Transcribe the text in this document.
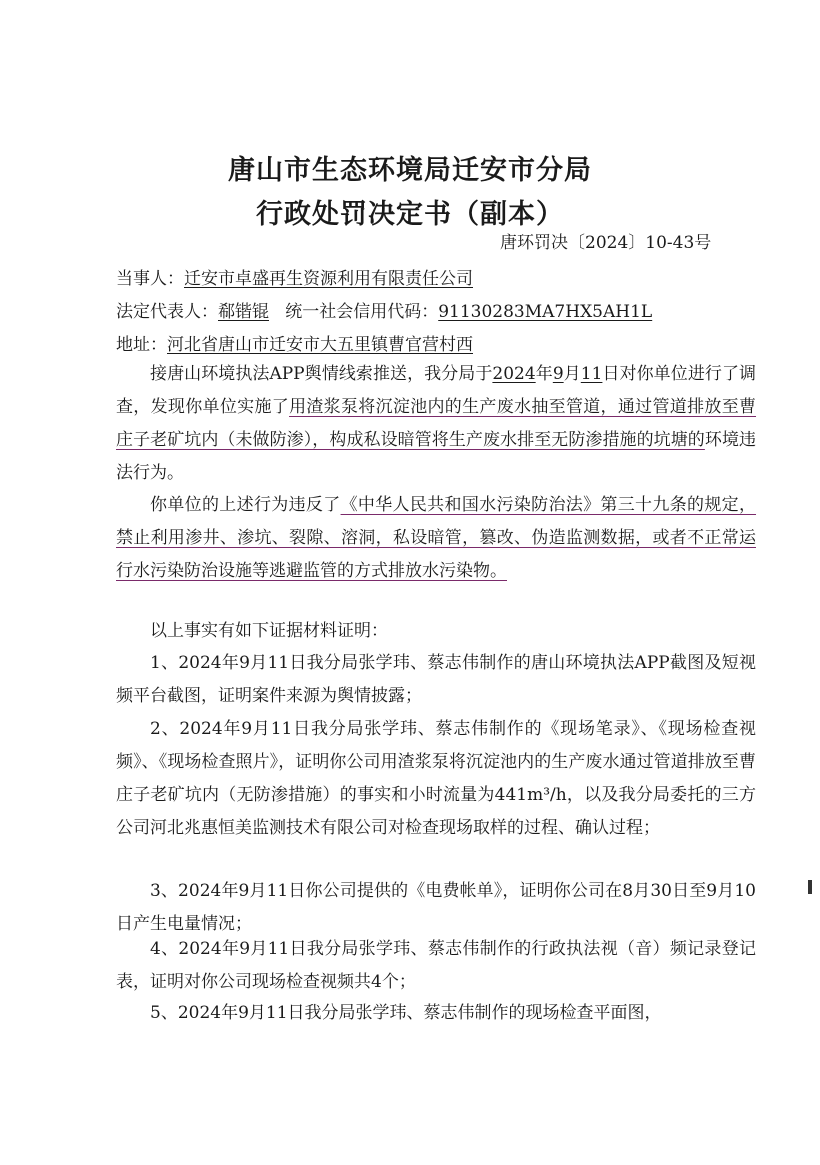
唐山市生态环境局迁安市分局
行政处罚决定书（副本）
唐环罚决〔2024〕10-43号
当事人：迁安市卓盛再生资源利用有限责任公司
法定代表人：郗锴锟 统一社会信用代码：91130283MA7HX5AH1L
地址：河北省唐山市迁安市大五里镇曹官营村西
接唐山环境执法APP舆情线索推送，我分局于2024年9月11日对你单位进行了调查，发现你单位实施了用渣浆泵将沉淀池内的生产废水抽至管道，通过管道排放至曹庄子老矿坑内（未做防渗），构成私设暗管将生产废水排至无防渗措施的坑塘的环境违法行为。
你单位的上述行为违反了《中华人民共和国水污染防治法》第三十九条的规定，禁止利用渗井、渗坑、裂隙、溶洞，私设暗管，篡改、伪造监测数据，或者不正常运行水污染防治设施等逃避监管的方式排放水污染物。
以上事实有如下证据材料证明：
1、2024年9月11日我分局张学玮、蔡志伟制作的唐山环境执法APP截图及短视频平台截图，证明案件来源为舆情披露；
2、2024年9月11日我分局张学玮、蔡志伟制作的《现场笔录》、《现场检查视频》、《现场检查照片》，证明你公司用渣浆泵将沉淀池内的生产废水通过管道排放至曹庄子老矿坑内（无防渗措施）的事实和小时流量为441m³/h，以及我分局委托的三方公司河北兆惠恒美监测技术有限公司对检查现场取样的过程、确认过程；
3、2024年9月11日你公司提供的《电费帐单》，证明你公司在8月30日至9月10日产生电量情况；
4、2024年9月11日我分局张学玮、蔡志伟制作的行政执法视（音）频记录登记表，证明对你公司现场检查视频共4个；
5、2024年9月11日我分局张学玮、蔡志伟制作的现场检查平面图，
